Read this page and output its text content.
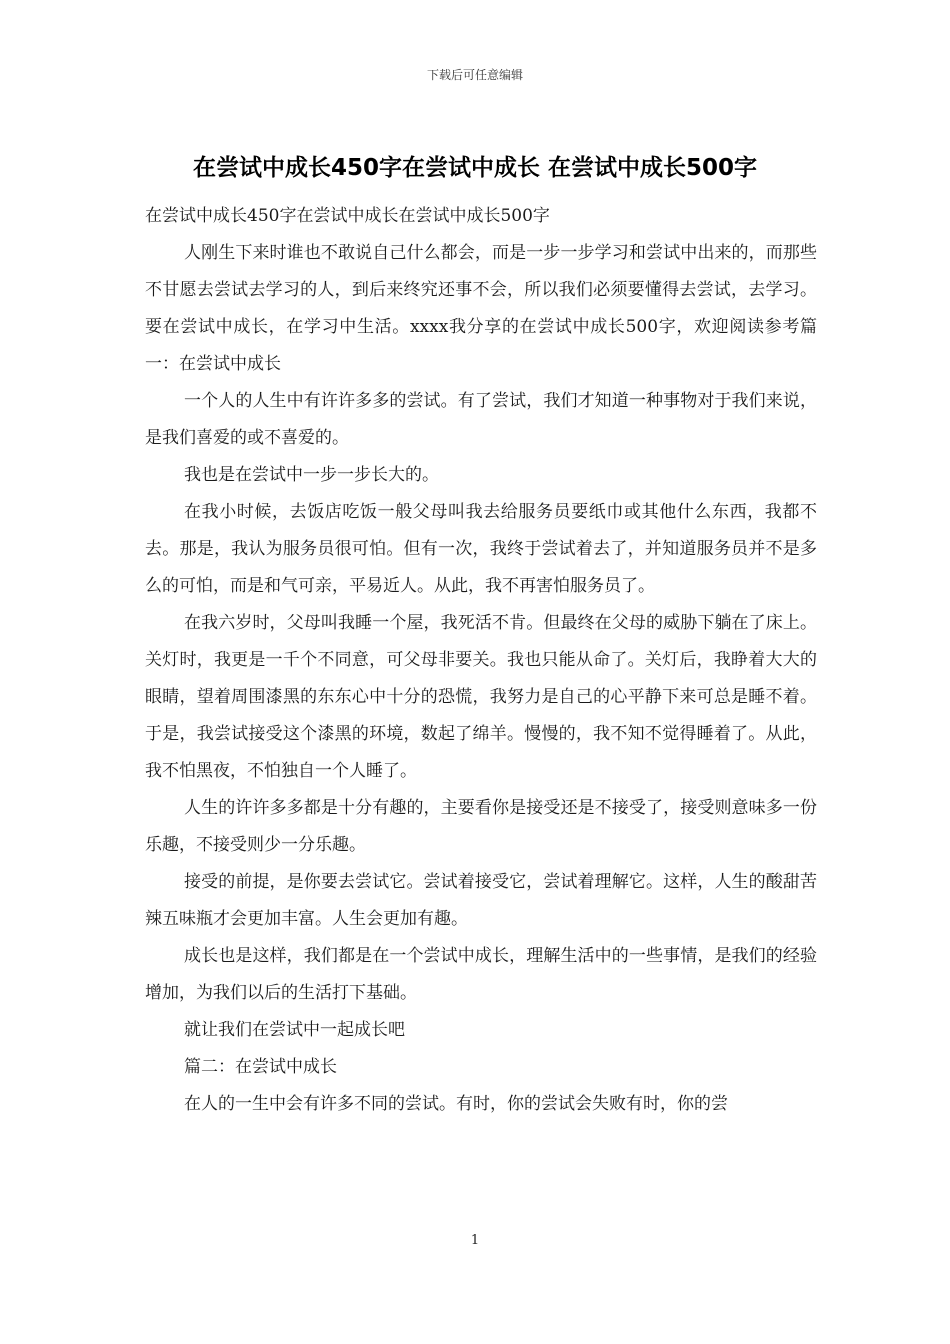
下载后可任意编辑
在尝试中成长450字在尝试中成长 在尝试中成长500字

在尝试中成长450字在尝试中成长在尝试中成长500字

人刚生下来时谁也不敢说自己什么都会，而是一步一步学习和尝试中出来的，而那些不甘愿去尝试去学习的人，到后来终究还事不会，所以我们必须要懂得去尝试，去学习。要在尝试中成长，在学习中生活。xxxx我分享的在尝试中成长500字，欢迎阅读参考篇一：在尝试中成长

一个人的人生中有许许多多的尝试。有了尝试，我们才知道一种事物对于我们来说，是我们喜爱的或不喜爱的。

我也是在尝试中一步一步长大的。

在我小时候，去饭店吃饭一般父母叫我去给服务员要纸巾或其他什么东西，我都不去。那是，我认为服务员很可怕。但有一次，我终于尝试着去了，并知道服务员并不是多么的可怕，而是和气可亲，平易近人。从此，我不再害怕服务员了。

在我六岁时，父母叫我睡一个屋，我死活不肯。但最终在父母的威胁下躺在了床上。关灯时，我更是一千个不同意，可父母非要关。我也只能从命了。关灯后，我睁着大大的眼睛，望着周围漆黑的东东心中十分的恐慌，我努力是自己的心平静下来可总是睡不着。于是，我尝试接受这个漆黑的环境，数起了绵羊。慢慢的，我不知不觉得睡着了。从此，我不怕黑夜，不怕独自一个人睡了。

人生的许许多多都是十分有趣的，主要看你是接受还是不接受了，接受则意味多一份乐趣，不接受则少一分乐趣。

接受的前提，是你要去尝试它。尝试着接受它，尝试着理解它。这样，人生的酸甜苦辣五味瓶才会更加丰富。人生会更加有趣。

成长也是这样，我们都是在一个尝试中成长，理解生活中的一些事情，是我们的经验增加，为我们以后的生活打下基础。

就让我们在尝试中一起成长吧

篇二：在尝试中成长

在人的一生中会有许多不同的尝试。有时，你的尝试会失败有时，你的尝

1
